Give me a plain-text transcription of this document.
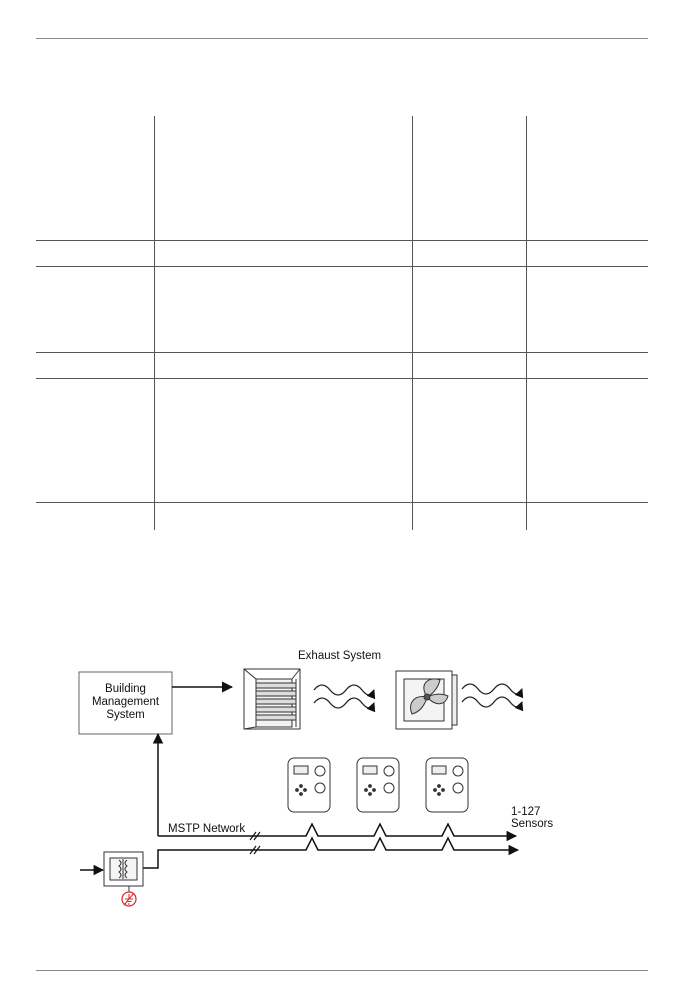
Building
Management
System
Exhaust System
MSTP Network
1-127
Sensors
